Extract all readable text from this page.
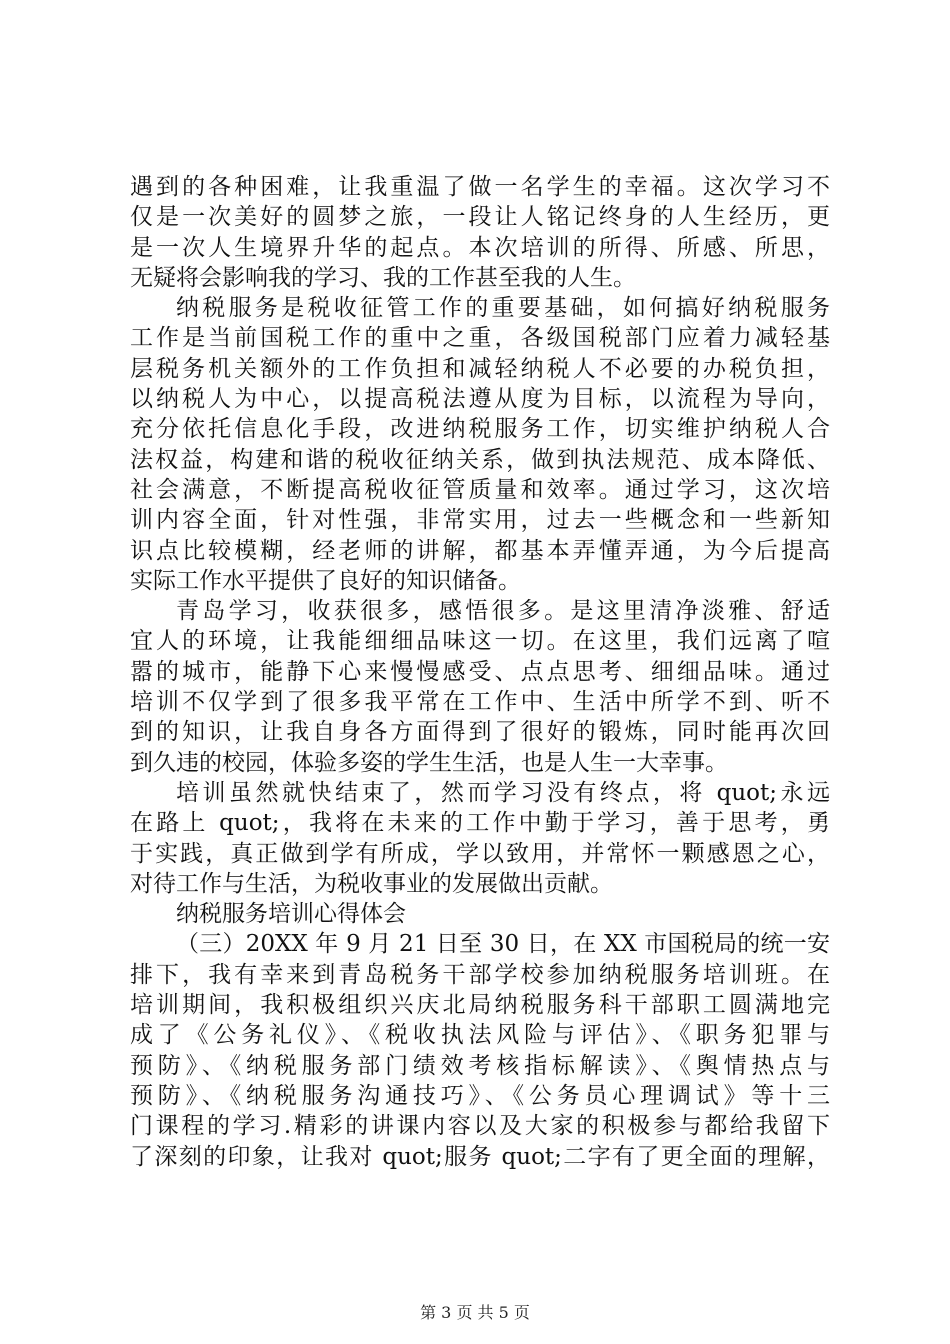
遇到的各种困难，让我重温了做一名学生的幸福。这次学习不
仅是一次美好的圆梦之旅，一段让人铭记终身的人生经历，更
是一次人生境界升华的起点。本次培训的所得、所感、所思，
无疑将会影响我的学习、我的工作甚至我的人生。
纳税服务是税收征管工作的重要基础，如何搞好纳税服务
工作是当前国税工作的重中之重，各级国税部门应着力减轻基
层税务机关额外的工作负担和减轻纳税人不必要的办税负担，
以纳税人为中心，以提高税法遵从度为目标，以流程为导向，
充分依托信息化手段，改进纳税服务工作，切实维护纳税人合
法权益，构建和谐的税收征纳关系，做到执法规范、成本降低、
社会满意，不断提高税收征管质量和效率。通过学习，这次培
训内容全面，针对性强，非常实用，过去一些概念和一些新知
识点比较模糊，经老师的讲解，都基本弄懂弄通，为今后提高
实际工作水平提供了良好的知识储备。
青岛学习，收获很多，感悟很多。是这里清净淡雅、舒适
宜人的环境，让我能细细品味这一切。在这里，我们远离了喧
嚣的城市，能静下心来慢慢感受、点点思考、细细品味。通过
培训不仅学到了很多我平常在工作中、生活中所学不到、听不
到的知识，让我自身各方面得到了很好的锻炼，同时能再次回
到久违的校园，体验多姿的学生生活，也是人生一大幸事。
培训虽然就快结束了，然而学习没有终点，将 quot;永远
在路上 quot;，我将在未来的工作中勤于学习，善于思考，勇
于实践，真正做到学有所成，学以致用，并常怀一颗感恩之心，
对待工作与生活，为税收事业的发展做出贡献。
纳税服务培训心得体会
（三）20XX 年 9 月 21 日至 30 日，在 XX 市国税局的统一安
排下，我有幸来到青岛税务干部学校参加纳税服务培训班。在
培训期间，我积极组织兴庆北局纳税服务科干部职工圆满地完
成了《公务礼仪》、《税收执法风险与评估》、《职务犯罪与
预防》、《纳税服务部门绩效考核指标解读》、《舆情热点与
预防》、《纳税服务沟通技巧》、《公务员心理调试》等十三
门课程的学习.精彩的讲课内容以及大家的积极参与都给我留下
了深刻的印象，让我对 quot;服务 quot;二字有了更全面的理解，
第 3 页 共 5 页
